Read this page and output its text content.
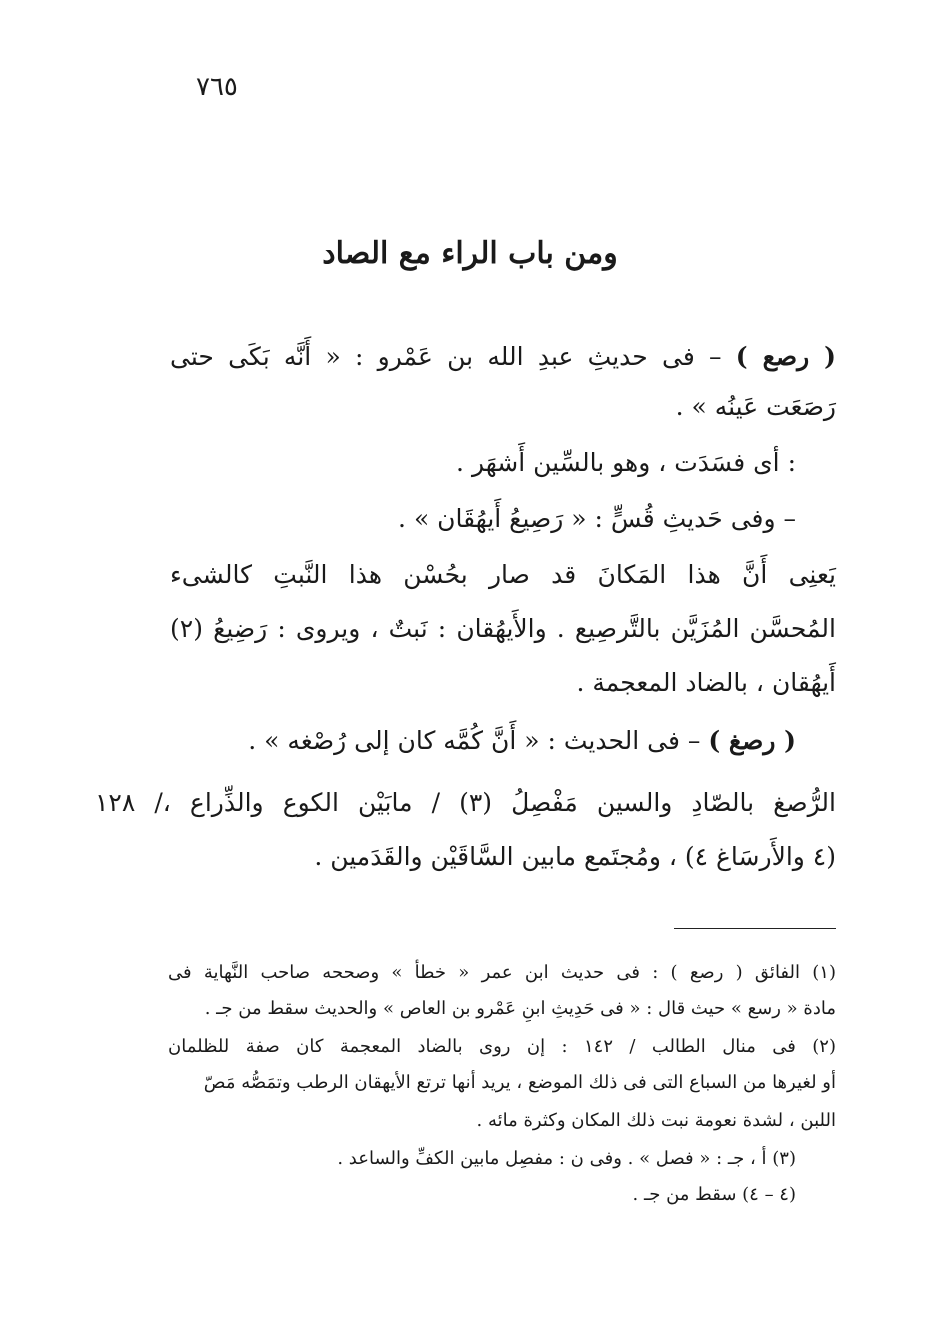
٧٦٥
ومن باب الراء مع الصاد
( رصع ) – فى حديثِ عبدِ الله بن عَمْرو : « أَنَّه بَكَى حتى
رَصَعَت عَينُه » .
: أى فسَدَت ، وهو بالسِّين أَشهَر .
– وفى حَديثِ قُسٍّ : « رَصِيعُ أَيهُقَان » .
يَعنِى أَنَّ هذا المَكانَ قد صار بحُسْن هذا النَّبتِ كالشىء
المُحسَّن المُزَيَّن بالتَّرصِيع . والأَيهُقان : نَبتٌ ، ويروى : رَضِيعُ (٢)
أَيهُقان ، بالضاد المعجمة .
( رصغ ) – فى الحديث : « أَنَّ كُمَّه كان إلى رُصْغه » .
الرُّصغ بالصّادِ والسين مَفْصِلُ (٣) / مابَيْن الكوع والذِّراع ،/ ١٢٨
(٤ والأَرسَاغ ٤) ، ومُجتَمع مابين السَّاقَيْن والقَدَمين .
(١) الفائق ( رصع ) : فى حديث ابن عمر « خطأ » وصححه صاحب النَّهاية فى
مادة « رسع » حيث قال : « فى حَدِيثِ ابنِ عَمْرو بن العاص » والحديث سقط من جـ .
(٢) فى منال الطالب / ١٤٢ : إن روى بالضاد المعجمة كان صفة للظلمان
أو لغيرها من السباع التى فى ذلك الموضع ، يريد أنها ترتع الأيهقان الرطب وتمَصُّه مَصّ
اللبن ، لشدة نعومة نبت ذلك المكان وكثرة مائه .
(٣) أ ، جـ : « فصل » . وفى ن : مفصِل مابين الكفِّ والساعد .
(٤ – ٤) سقط من جـ .
